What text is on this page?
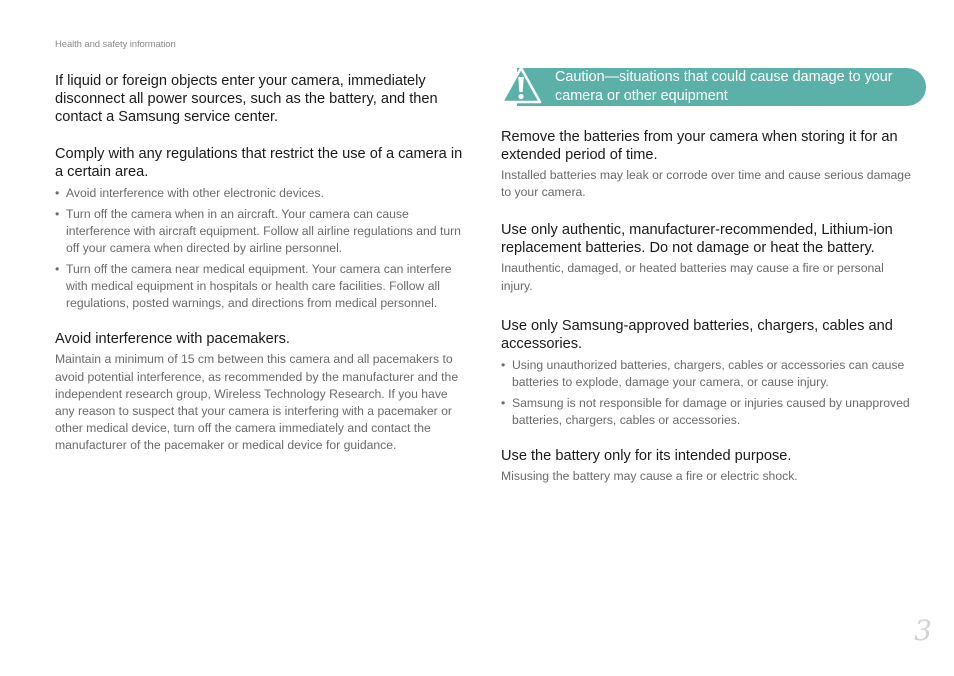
Health and safety information

If liquid or foreign objects enter your camera, immediately disconnect all power sources, such as the battery, and then contact a Samsung service center.

Comply with any regulations that restrict the use of a camera in a certain area.

• Avoid interference with other electronic devices.
• Turn off the camera when in an aircraft. Your camera can cause interference with aircraft equipment. Follow all airline regulations and turn off your camera when directed by airline personnel.
• Turn off the camera near medical equipment. Your camera can interfere with medical equipment in hospitals or health care facilities. Follow all regulations, posted warnings, and directions from medical personnel.

Avoid interference with pacemakers.

Maintain a minimum of 15 cm between this camera and all pacemakers to avoid potential interference, as recommended by the manufacturer and the independent research group, Wireless Technology Research. If you have any reason to suspect that your camera is interfering with a pacemaker or other medical device, turn off the camera immediately and contact the manufacturer of the pacemaker or medical device for guidance.

Caution—situations that could cause damage to your camera or other equipment

Remove the batteries from your camera when storing it for an extended period of time.

Installed batteries may leak or corrode over time and cause serious damage to your camera.

Use only authentic, manufacturer-recommended, Lithium-ion replacement batteries. Do not damage or heat the battery.

Inauthentic, damaged, or heated batteries may cause a fire or personal injury.

Use only Samsung-approved batteries, chargers, cables and accessories.

• Using unauthorized batteries, chargers, cables or accessories can cause batteries to explode, damage your camera, or cause injury.
• Samsung is not responsible for damage or injuries caused by unapproved batteries, chargers, cables or accessories.

Use the battery only for its intended purpose.

Misusing the battery may cause a fire or electric shock.

3
